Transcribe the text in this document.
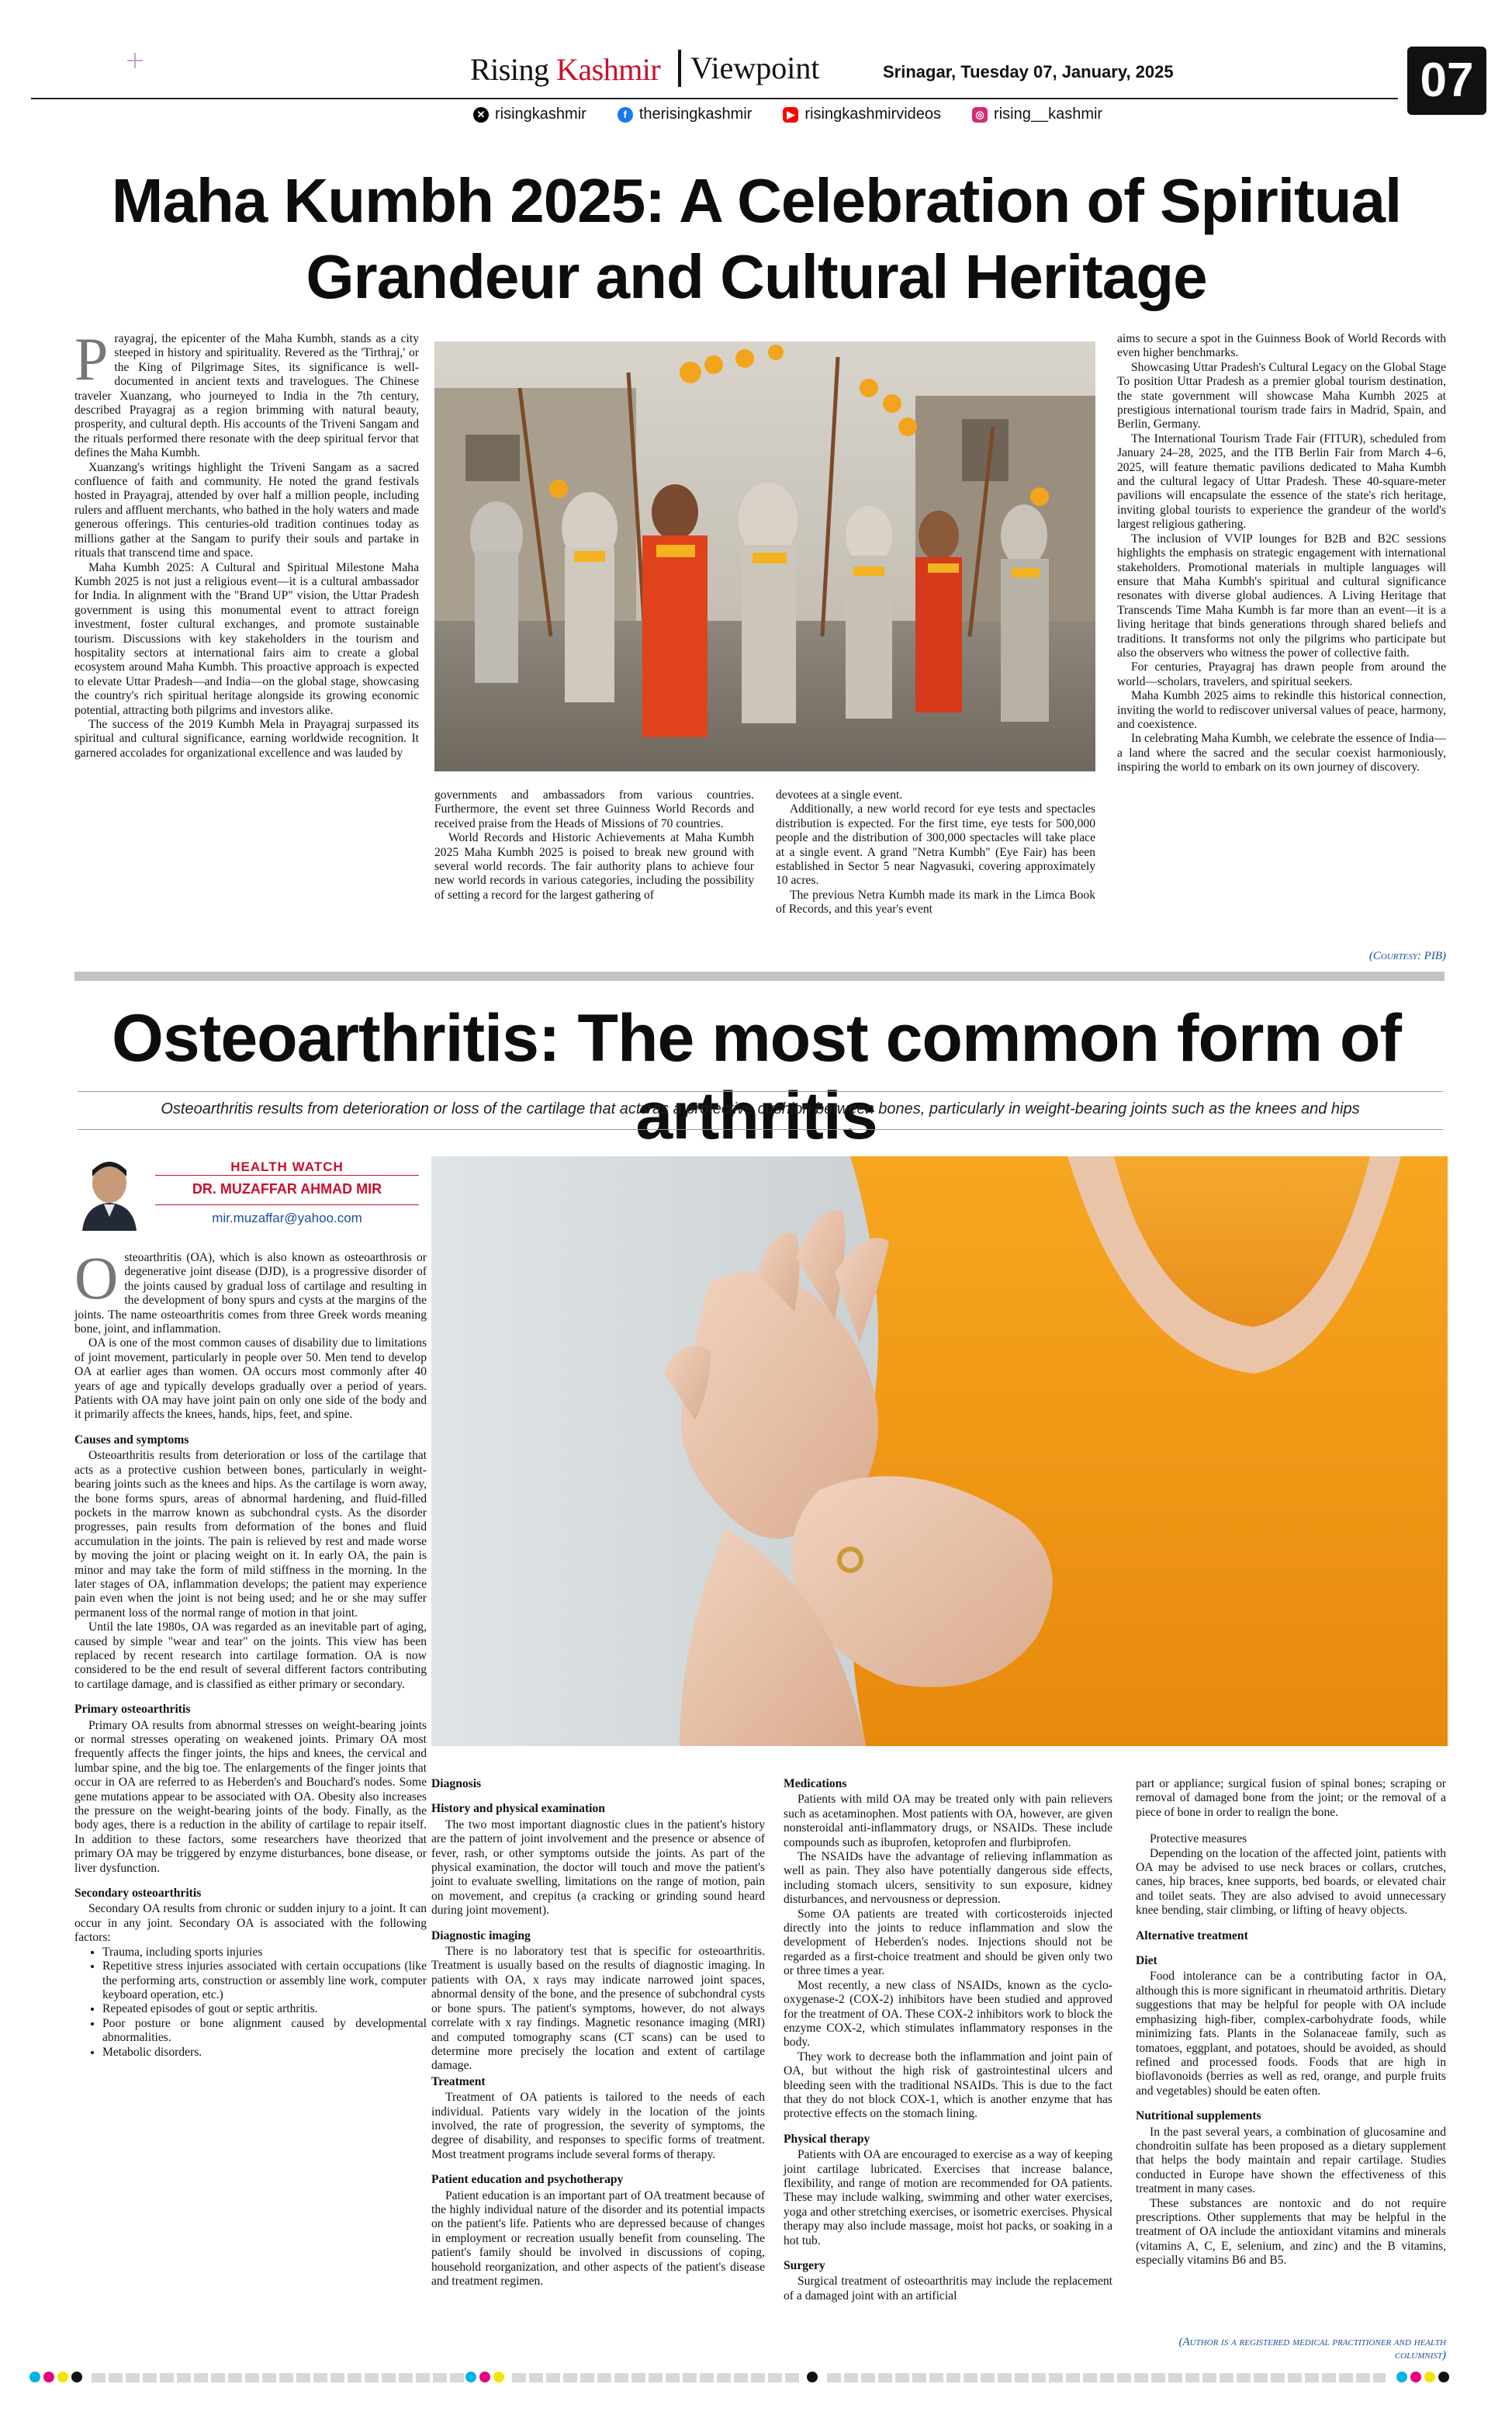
Rising Kashmir Viewpoint	Srinagar, Tuesday 07, January, 2025	07
✕ risingkashmir	f therisingkashmir	▶ risingkashmirvideos	◎ rising__kashmir
Maha Kumbh 2025: A Celebration of Spiritual
Grandeur and Cultural Heritage
P rayagraj, the epicenter of the Maha Kumbh, stands as a city steeped in history and spirituality. Revered as the 'Tirthraj,' or the King of Pilgrimage Sites, its significance is well-documented in ancient texts and travelogues. The Chinese traveler Xuanzang, who journeyed to India in the 7th century, described Prayagraj as a region brimming with natural beauty, prosperity, and cultural depth. His accounts of the Triveni Sangam and the rituals performed there resonate with the deep spiritual fervor that defines the Maha Kumbh.

Xuanzang's writings highlight the Triveni Sangam as a sacred confluence of faith and community. He noted the grand festivals hosted in Prayagraj, attended by over half a million people, including rulers and affluent merchants, who bathed in the holy waters and made generous offerings. This centuries-old tradition continues today as millions gather at the Sangam to purify their souls and partake in rituals that transcend time and space.

Maha Kumbh 2025: A Cultural and Spiritual Milestone Maha Kumbh 2025 is not just a religious event—it is a cultural ambassador for India. In alignment with the "Brand UP" vision, the Uttar Pradesh government is using this monumental event to attract foreign investment, foster cultural exchanges, and promote sustainable tourism. Discussions with key stakeholders in the tourism and hospitality sectors at international fairs aim to create a global ecosystem around Maha Kumbh. This proactive approach is expected to elevate Uttar Pradesh—and India—on the global stage, showcasing the country's rich spiritual heritage alongside its growing economic potential, attracting both pilgrims and investors alike.

The success of the 2019 Kumbh Mela in Prayagraj surpassed its spiritual and cultural significance, earning worldwide recognition. It garnered accolades for organizational excellence and was lauded by

governments and ambassadors from various countries. Furthermore, the event set three Guinness World Records and received praise from the Heads of Missions of 70 countries.

World Records and Historic Achievements at Maha Kumbh 2025 Maha Kumbh 2025 is poised to break new ground with several world records. The fair authority plans to achieve four new world records in various categories, including the possibility of setting a record for the largest gathering of

devotees at a single event.

Additionally, a new world record for eye tests and spectacles distribution is expected. For the first time, eye tests for 500,000 people and the distribution of 300,000 spectacles will take place at a single event. A grand "Netra Kumbh" (Eye Fair) has been established in Sector 5 near Nagvasuki, covering approximately 10 acres.

The previous Netra Kumbh made its mark in the Limca Book of Records, and this year's event

aims to secure a spot in the Guinness Book of World Records with even higher benchmarks.

Showcasing Uttar Pradesh's Cultural Legacy on the Global Stage To position Uttar Pradesh as a premier global tourism destination, the state government will showcase Maha Kumbh 2025 at prestigious international tourism trade fairs in Madrid, Spain, and Berlin, Germany.

The International Tourism Trade Fair (FITUR), scheduled from January 24–28, 2025, and the ITB Berlin Fair from March 4–6, 2025, will feature thematic pavilions dedicated to Maha Kumbh and the cultural legacy of Uttar Pradesh. These 40-square-meter pavilions will encapsulate the essence of the state's rich heritage, inviting global tourists to experience the grandeur of the world's largest religious gathering.

The inclusion of VVIP lounges for B2B and B2C sessions highlights the emphasis on strategic engagement with international stakeholders. Promotional materials in multiple languages will ensure that Maha Kumbh's spiritual and cultural significance resonates with diverse global audiences. A Living Heritage that Transcends Time Maha Kumbh is far more than an event—it is a living heritage that binds generations through shared beliefs and traditions. It transforms not only the pilgrims who participate but also the observers who witness the power of collective faith.

For centuries, Prayagraj has drawn people from around the world—scholars, travelers, and spiritual seekers.

Maha Kumbh 2025 aims to rekindle this historical connection, inviting the world to rediscover universal values of peace, harmony, and coexistence.

In celebrating Maha Kumbh, we celebrate the essence of India—a land where the sacred and the secular coexist harmoniously, inspiring the world to embark on its own journey of discovery.

(Courtesy: PIB)
Osteoarthritis: The most common form of arthritis
Osteoarthritis results from deterioration or loss of the cartilage that acts as a protective cushion between bones, particularly in weight-bearing joints such as the knees and hips
HEALTH WATCH
DR. MUZAFFAR AHMAD MIR
mir.muzaffar@yahoo.com
O steoarthritis (OA), which is also known as osteoarthrosis or degenerative joint disease (DJD), is a progressive disorder of the joints caused by gradual loss of cartilage and resulting in the development of bony spurs and cysts at the margins of the joints. The name osteoarthritis comes from three Greek words meaning bone, joint, and inflammation.

OA is one of the most common causes of disability due to limitations of joint movement, particularly in people over 50. Men tend to develop OA at earlier ages than women. OA occurs most commonly after 40 years of age and typically develops gradually over a period of years. Patients with OA may have joint pain on only one side of the body and it primarily affects the knees, hands, hips, feet, and spine.

Causes and symptoms

Osteoarthritis results from deterioration or loss of the cartilage that acts as a protective cushion between bones, particularly in weight-bearing joints such as the knees and hips. As the cartilage is worn away, the bone forms spurs, areas of abnormal hardening, and fluid-filled pockets in the marrow known as subchondral cysts. As the disorder progresses, pain results from deformation of the bones and fluid accumulation in the joints. The pain is relieved by rest and made worse by moving the joint or placing weight on it. In early OA, the pain is minor and may take the form of mild stiffness in the morning. In the later stages of OA, inflammation develops; the patient may experience pain even when the joint is not being used; and he or she may suffer permanent loss of the normal range of motion in that joint.

Until the late 1980s, OA was regarded as an inevitable part of aging, caused by simple "wear and tear" on the joints. This view has been replaced by recent research into cartilage formation. OA is now considered to be the end result of several different factors contributing to cartilage damage, and is classified as either primary or secondary.

Primary osteoarthritis

Primary OA results from abnormal stresses on weight-bearing joints or normal stresses operating on weakened joints. Primary OA most frequently affects the finger joints, the hips and knees, the cervical and lumbar spine, and the big toe. The enlargements of the finger joints that occur in OA are referred to as Heberden's and Bouchard's nodes. Some gene mutations appear to be associated with OA. Obesity also increases the pressure on the weight-bearing joints of the body. Finally, as the body ages, there is a reduction in the ability of cartilage to repair itself. In addition to these factors, some researchers have theorized that primary OA may be triggered by enzyme disturbances, bone disease, or liver dysfunction.

Secondary osteoarthritis

Secondary OA results from chronic or sudden injury to a joint. It can occur in any joint. Secondary OA is associated with the following factors:

• Trauma, including sports injuries
• Repetitive stress injuries associated with certain occupations (like the performing arts, construction or assembly line work, computer keyboard operation, etc.)
• Repeated episodes of gout or septic arthritis.
• Poor posture or bone alignment caused by developmental abnormalities.
• Metabolic disorders.
Diagnosis
History and physical examination

The two most important diagnostic clues in the patient's history are the pattern of joint involvement and the presence or absence of fever, rash, or other symptoms outside the joints. As part of the physical examination, the doctor will touch and move the patient's joint to evaluate swelling, limitations on the range of motion, pain on movement, and crepitus (a cracking or grinding sound heard during joint movement).

Diagnostic imaging

There is no laboratory test that is specific for osteoarthritis. Treatment is usually based on the results of diagnostic imaging. In patients with OA, x rays may indicate narrowed joint spaces, abnormal density of the bone, and the presence of subchondral cysts or bone spurs. The patient's symptoms, however, do not always correlate with x ray findings. Magnetic resonance imaging (MRI) and computed tomography scans (CT scans) can be used to determine more precisely the location and extent of cartilage damage.

Treatment

Treatment of OA patients is tailored to the needs of each individual. Patients vary widely in the location of the joints involved, the rate of progression, the severity of symptoms, the degree of disability, and responses to specific forms of treatment. Most treatment programs include several forms of therapy.

Patient education and psychotherapy

Patient education is an important part of OA treatment because of the highly individual nature of the disorder and its potential impacts on the patient's life. Patients who are depressed because of changes in employment or recreation usually benefit from counseling. The patient's family should be involved in discussions of coping, household reorganization, and other aspects of the patient's disease and treatment regimen.

Medications

Patients with mild OA may be treated only with pain relievers such as acetaminophen. Most patients with OA, however, are given nonsteroidal anti-inflammatory drugs, or NSAIDs. These include compounds such as ibuprofen, ketoprofen and flurbiprofen.

The NSAIDs have the advantage of relieving inflammation as well as pain. They also have potentially dangerous side effects, including stomach ulcers, sensitivity to sun exposure, kidney disturbances, and nervousness or depression.

Some OA patients are treated with corticosteroids injected directly into the joints to reduce inflammation and slow the development of Heberden's nodes. Injections should not be regarded as a first-choice treatment and should be given only two or three times a year.

Most recently, a new class of NSAIDs, known as the cyclo-oxygenase-2 (COX-2) inhibitors have been studied and approved for the treatment of OA. These COX-2 inhibitors work to block the enzyme COX-2, which stimulates inflammatory responses in the body.

They work to decrease both the inflammation and joint pain of OA, but without the high risk of gastrointestinal ulcers and bleeding seen with the traditional NSAIDs. This is due to the fact that they do not block COX-1, which is another enzyme that has protective effects on the stomach lining.

Physical therapy

Patients with OA are encouraged to exercise as a way of keeping joint cartilage lubricated. Exercises that increase balance, flexibility, and range of motion are recommended for OA patients. These may include walking, swimming and other water exercises, yoga and other stretching exercises, or isometric exercises. Physical therapy may also include massage, moist hot packs, or soaking in a hot tub.

Surgery

Surgical treatment of osteoarthritis may include the replacement of a damaged joint with an artificial

part or appliance; surgical fusion of spinal bones; scraping or removal of damaged bone from the joint; or the removal of a piece of bone in order to realign the bone.

Protective measures

Depending on the location of the affected joint, patients with OA may be advised to use neck braces or collars, crutches, canes, hip braces, knee supports, bed boards, or elevated chair and toilet seats. They are also advised to avoid unnecessary knee bending, stair climbing, or lifting of heavy objects.

Alternative treatment
Diet

Food intolerance can be a contributing factor in OA, although this is more significant in rheumatoid arthritis. Dietary suggestions that may be helpful for people with OA include emphasizing high-fiber, complex-carbohydrate foods, while minimizing fats. Plants in the Solanaceae family, such as tomatoes, eggplant, and potatoes, should be avoided, as should refined and processed foods. Foods that are high in bioflavonoids (berries as well as red, orange, and purple fruits and vegetables) should be eaten often.

Nutritional supplements

In the past several years, a combination of glucosamine and chondroitin sulfate has been proposed as a dietary supplement that helps the body maintain and repair cartilage. Studies conducted in Europe have shown the effectiveness of this treatment in many cases.

These substances are nontoxic and do not require prescriptions. Other supplements that may be helpful in the treatment of OA include the antioxidant vitamins and minerals (vitamins A, C, E, selenium, and zinc) and the B vitamins, especially vitamins B6 and B5.

(Author is a registered medical practitioner and health columnist)
